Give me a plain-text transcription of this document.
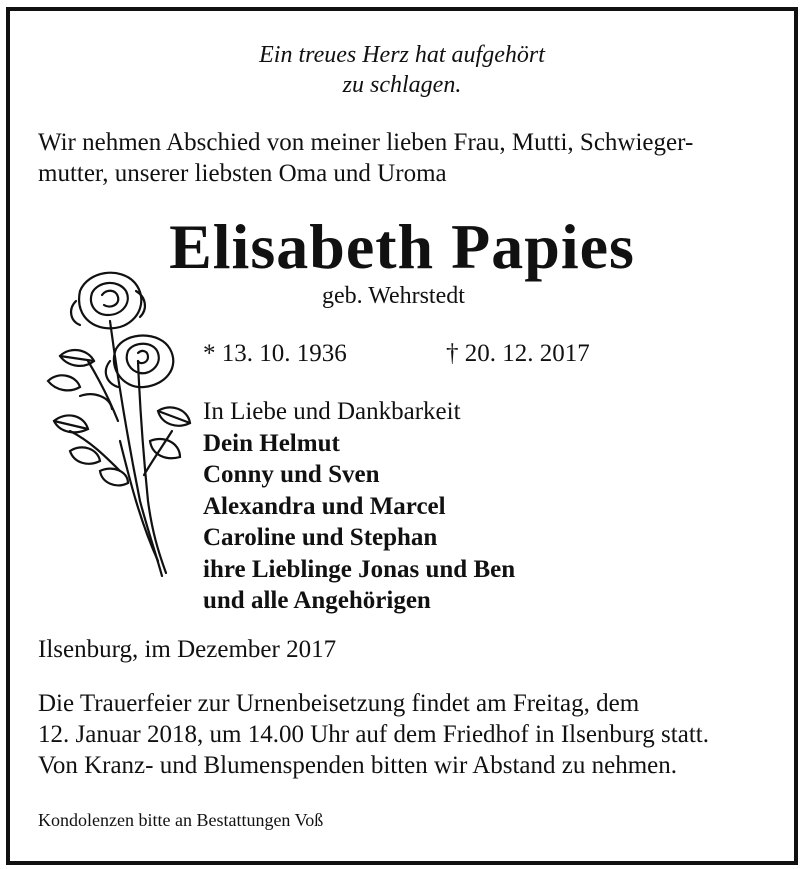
Ein treues Herz hat aufgehört
zu schlagen.
Wir nehmen Abschied von meiner lieben Frau, Mutti, Schwieger-
mutter, unserer liebsten Oma und Uroma
Elisabeth Papies
geb. Wehrstedt
* 13. 10. 1936	† 20. 12. 2017
In Liebe und Dankbarkeit
Dein Helmut
Conny und Sven
Alexandra und Marcel
Caroline und Stephan
ihre Lieblinge Jonas und Ben
und alle Angehörigen
Ilsenburg, im Dezember 2017
Die Trauerfeier zur Urnenbeisetzung findet am Freitag, dem
12. Januar 2018, um 14.00 Uhr auf dem Friedhof in Ilsenburg statt.
Von Kranz- und Blumenspenden bitten wir Abstand zu nehmen.
Kondolenzen bitte an Bestattungen Voß
